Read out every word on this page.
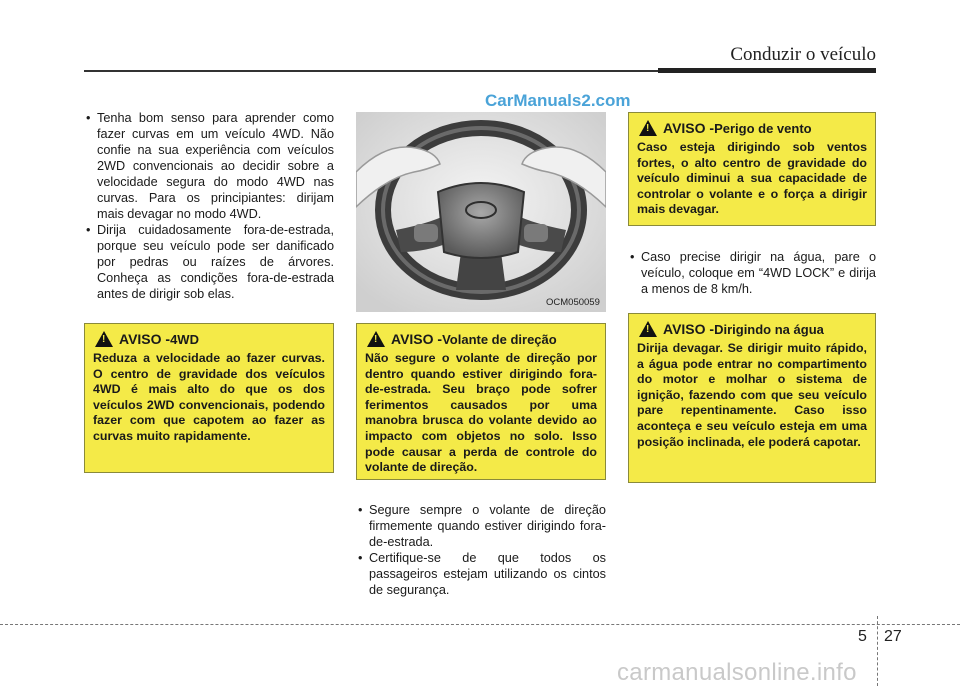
Conduzir o veículo
CarManuals2.com
• Tenha bom senso para aprender como fazer curvas em um veículo 4WD. Não confie na sua experiência com veículos 2WD convencionais ao decidir sobre a velocidade segura do modo 4WD nas curvas. Para os principiantes: dirijam mais devagar no modo 4WD.
• Dirija cuidadosamente fora-de-estrada, porque seu veículo pode ser danificado por pedras ou raízes de árvores. Conheça as condições fora-de-estrada antes de dirigir sob elas.
! AVISO - 4WD
Reduza a velocidade ao fazer curvas. O centro de gravidade dos veículos 4WD é mais alto do que os dos veículos 2WD convencionais, podendo fazer com que capotem ao fazer as curvas muito rapidamente.
OCM050059
! AVISO - Volante de direção
Não segure o volante de direção por dentro quando estiver dirigindo fora-de-estrada. Seu braço pode sofrer ferimentos causados por uma manobra brusca do volante devido ao impacto com objetos no solo. Isso pode causar a perda de controle do volante de direção.
• Segure sempre o volante de direção firmemente quando estiver dirigindo fora-de-estrada.
• Certifique-se de que todos os passageiros estejam utilizando os cintos de segurança.
! AVISO - Perigo de vento
Caso esteja dirigindo sob ventos fortes, o alto centro de gravidade do veículo diminui a sua capacidade de controlar o volante e o força a dirigir mais devagar.
• Caso precise dirigir na água, pare o veículo, coloque em “4WD LOCK” e dirija a menos de 8 km/h.
! AVISO - Dirigindo na água
Dirija devagar. Se dirigir muito rápido, a água pode entrar no compartimento do motor e molhar o sistema de ignição, fazendo com que seu veículo pare repentinamente. Caso isso aconteça e seu veículo esteja em uma posição inclinada, ele poderá capotar.
5 27
carmanualsonline.info
